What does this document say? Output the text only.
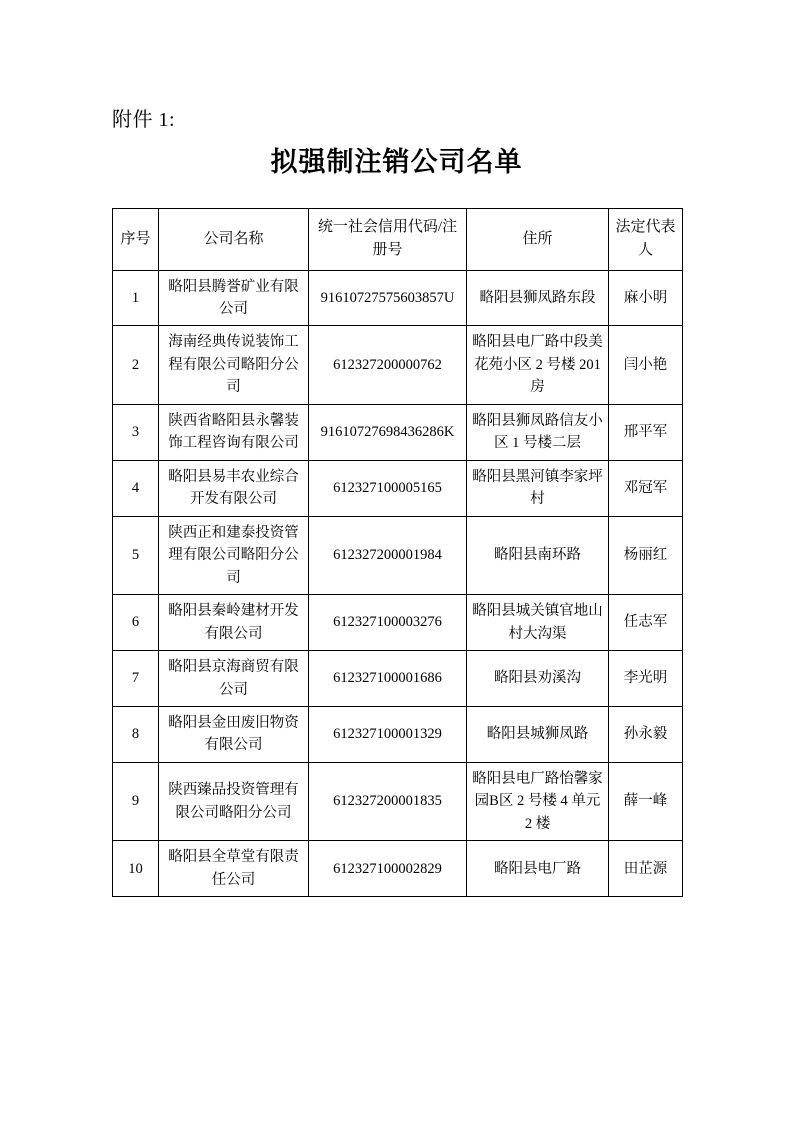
附件 1:
拟强制注销公司名单
序号	公司名称	统一社会信用代码/注册号	住所	法定代表人
1	略阳县腾誉矿业有限公司	91610727575603857U	略阳县狮凤路东段	麻小明
2	海南经典传说装饰工程有限公司略阳分公司	612327200000762	略阳县电厂路中段美花苑小区 2 号楼 201 房	闫小艳
3	陕西省略阳县永馨装饰工程咨询有限公司	91610727698436286K	略阳县狮凤路信友小区 1 号楼二层	邢平军
4	略阳县易丰农业综合开发有限公司	612327100005165	略阳县黑河镇李家坪村	邓冠军
5	陕西正和建泰投资管理有限公司略阳分公司	612327200001984	略阳县南环路	杨丽红
6	略阳县秦岭建材开发有限公司	612327100003276	略阳县城关镇官地山村大沟渠	任志军
7	略阳县京海商贸有限公司	612327100001686	略阳县劝溪沟	李光明
8	略阳县金田废旧物资有限公司	612327100001329	略阳县城狮凤路	孙永毅
9	陕西臻品投资管理有限公司略阳分公司	612327200001835	略阳县电厂路怡馨家园B区 2 号楼 4 单元 2 楼	薛一峰
10	略阳县全草堂有限责任公司	612327100002829	略阳县电厂路	田芷源
